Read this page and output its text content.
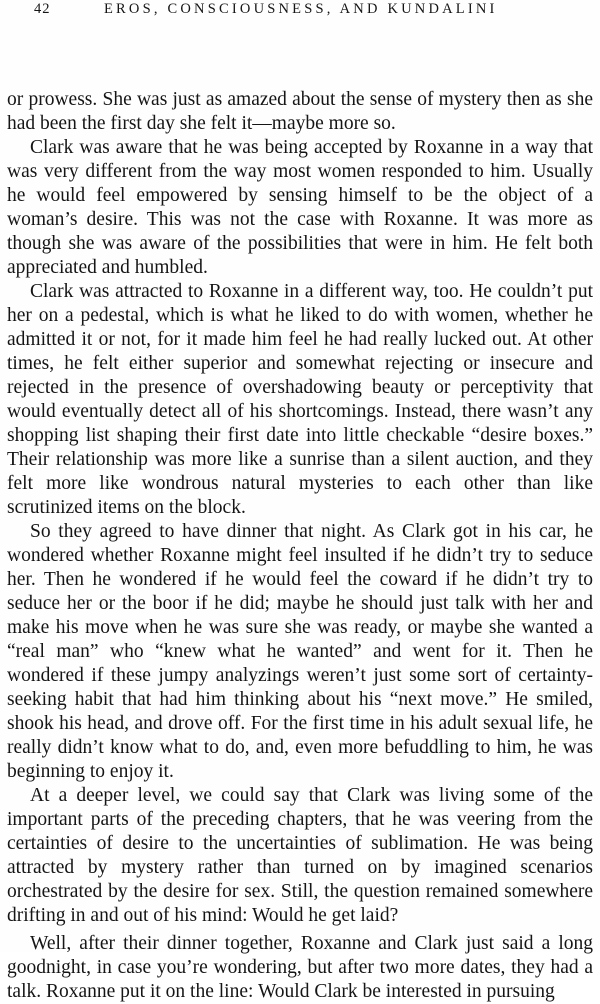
42	EROS, CONSCIOUSNESS, AND KUNDALINI

or prowess. She was just as amazed about the sense of mystery then as she had been the first day she felt it—maybe more so.

Clark was aware that he was being accepted by Roxanne in a way that was very different from the way most women responded to him. Usually he would feel empowered by sensing himself to be the object of a woman’s desire. This was not the case with Roxanne. It was more as though she was aware of the possibilities that were in him. He felt both appreciated and humbled.

Clark was attracted to Roxanne in a different way, too. He couldn’t put her on a pedestal, which is what he liked to do with women, whether he admitted it or not, for it made him feel he had really lucked out. At other times, he felt either superior and somewhat rejecting or insecure and rejected in the presence of overshadowing beauty or perceptivity that would eventually detect all of his shortcomings. Instead, there wasn’t any shopping list shaping their first date into little checkable “desire boxes.” Their relationship was more like a sunrise than a silent auction, and they felt more like wondrous natural mysteries to each other than like scrutinized items on the block.

So they agreed to have dinner that night. As Clark got in his car, he wondered whether Roxanne might feel insulted if he didn’t try to seduce her. Then he wondered if he would feel the coward if he didn’t try to seduce her or the boor if he did; maybe he should just talk with her and make his move when he was sure she was ready, or maybe she wanted a “real man” who “knew what he wanted” and went for it. Then he wondered if these jumpy analyzings weren’t just some sort of certainty-seeking habit that had him thinking about his “next move.” He smiled, shook his head, and drove off. For the first time in his adult sexual life, he really didn’t know what to do, and, even more befuddling to him, he was beginning to enjoy it.

At a deeper level, we could say that Clark was living some of the important parts of the preceding chapters, that he was veering from the certainties of desire to the uncertainties of sublimation. He was being attracted by mystery rather than turned on by imagined scenarios orchestrated by the desire for sex. Still, the question remained somewhere drifting in and out of his mind: Would he get laid?

Well, after their dinner together, Roxanne and Clark just said a long goodnight, in case you’re wondering, but after two more dates, they had a talk. Roxanne put it on the line: Would Clark be interested in pursuing
